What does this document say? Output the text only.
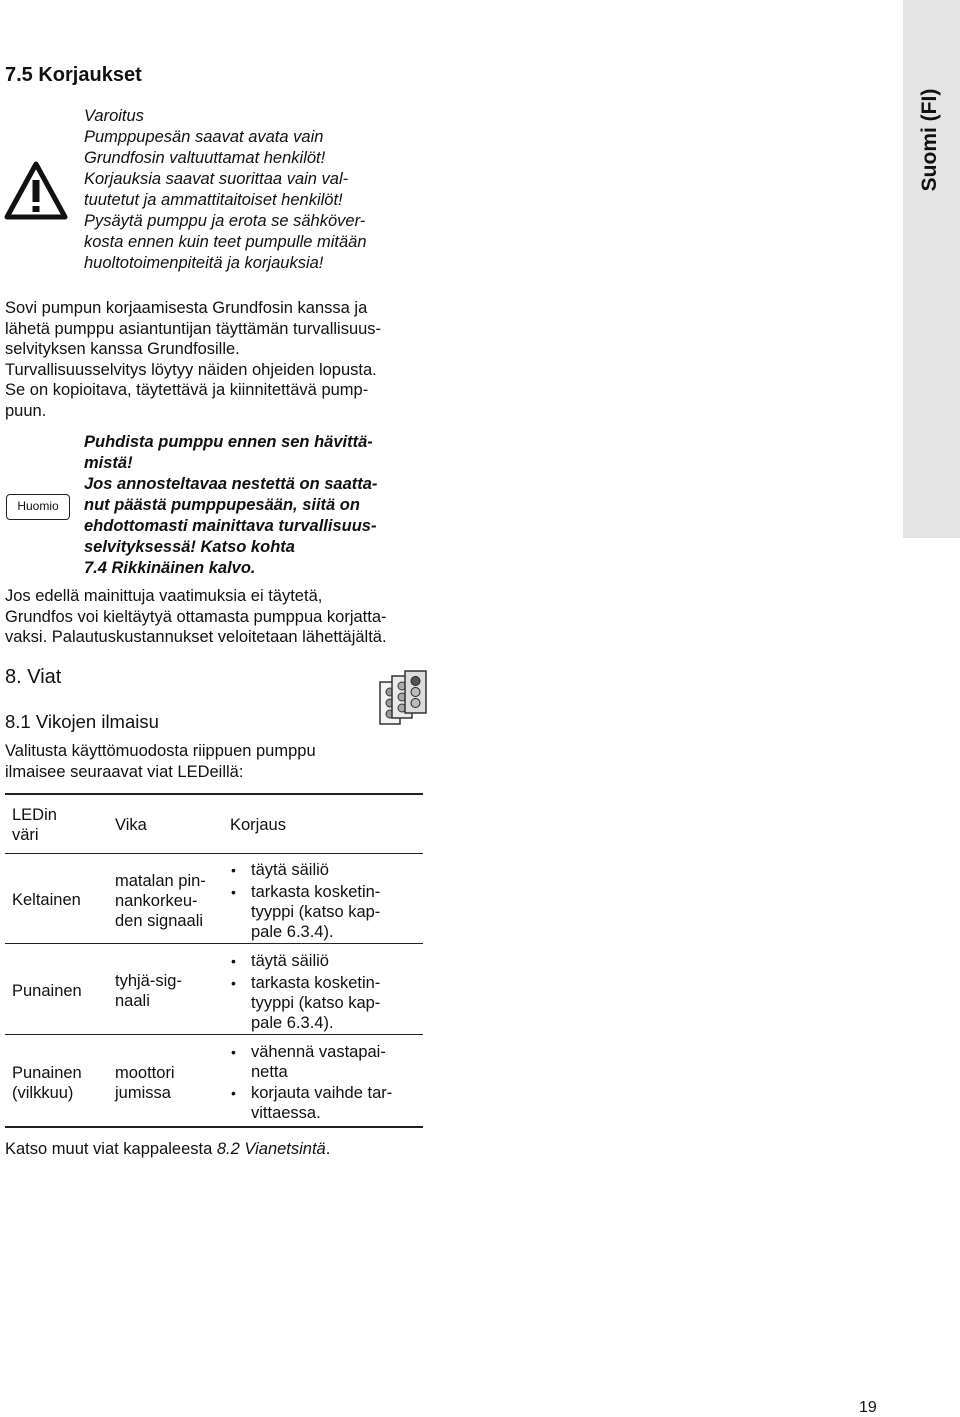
Suomi (FI)
7.5 Korjaukset
Varoitus
Pumppupesän saavat avata vain
Grundfosin valtuuttamat henkilöt!
Korjauksia saavat suorittaa vain val-
tuutetut ja ammattitaitoiset henkilöt!
Pysäytä pumppu ja erota se sähköver-
kosta ennen kuin teet pumpulle mitään
huoltotoimenpiteitä ja korjauksia!
Sovi pumpun korjaamisesta Grundfosin kanssa ja
lähetä pumppu asiantuntijan täyttämän turvallisuus-
selvityksen kanssa Grundfosille.
Turvallisuusselvitys löytyy näiden ohjeiden lopusta.
Se on kopioitava, täytettävä ja kiinnitettävä pump-
puun.
Huomio
Puhdista pumppu ennen sen hävittä-
mistä!
Jos annosteltavaa nestettä on saatta-
nut päästä pumppupesään, siitä on
ehdottomasti mainittava turvallisuus-
selvityksessä! Katso kohta
7.4 Rikkinäinen kalvo.
Jos edellä mainittuja vaatimuksia ei täytetä,
Grundfos voi kieltäytyä ottamasta pumppua korjatta-
vaksi. Palautuskustannukset veloitetaan lähettäjältä.
8. Viat
8.1 Vikojen ilmaisu
Valitusta käyttömuodosta riippuen pumppu
ilmaisee seuraavat viat LEDeillä:
LEDin
väri
Vika	Korjaus
Keltainen
matalan pin-
nankorkeu-
den signaali
• täytä säiliö
• tarkasta kosketin-
tyyppi (katso kap-
pale 6.3.4).
Punainen
tyhjä-sig-
naali
• täytä säiliö
• tarkasta kosketin-
tyyppi (katso kap-
pale 6.3.4).
Punainen
(vilkkuu)
moottori
jumissa
• vähennä vastapai-
netta
• korjauta vaihde tar-
vittaessa.
Katso muut viat kappaleesta 8.2 Vianetsintä.
19
